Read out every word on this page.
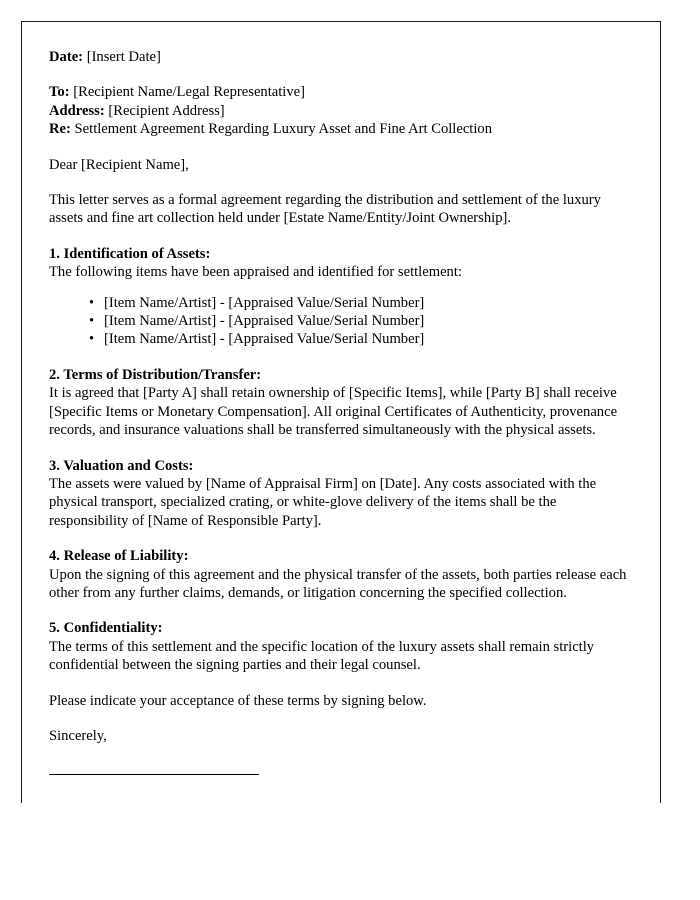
Date: [Insert Date]
To: [Recipient Name/Legal Representative]
Address: [Recipient Address]
Re: Settlement Agreement Regarding Luxury Asset and Fine Art Collection

Dear [Recipient Name],

This letter serves as a formal agreement regarding the distribution and settlement of the luxury assets and fine art collection held under [Estate Name/Entity/Joint Ownership].

1. Identification of Assets:

The following items have been appraised and identified for settlement:

• [Item Name/Artist] - [Appraised Value/Serial Number]
• [Item Name/Artist] - [Appraised Value/Serial Number]
• [Item Name/Artist] - [Appraised Value/Serial Number]

2. Terms of Distribution/Transfer:

It is agreed that [Party A] shall retain ownership of [Specific Items], while [Party B] shall receive [Specific Items or Monetary Compensation]. All original Certificates of Authenticity, provenance records, and insurance valuations shall be transferred simultaneously with the physical assets.

3. Valuation and Costs:

The assets were valued by [Name of Appraisal Firm] on [Date]. Any costs associated with the physical transport, specialized crating, or white-glove delivery of the items shall be the responsibility of [Name of Responsible Party].

4. Release of Liability:

Upon the signing of this agreement and the physical transfer of the assets, both parties release each other from any further claims, demands, or litigation concerning the specified collection.

5. Confidentiality:

The terms of this settlement and the specific location of the luxury assets shall remain strictly confidential between the signing parties and their legal counsel.

Please indicate your acceptance of these terms by signing below.

Sincerely,
